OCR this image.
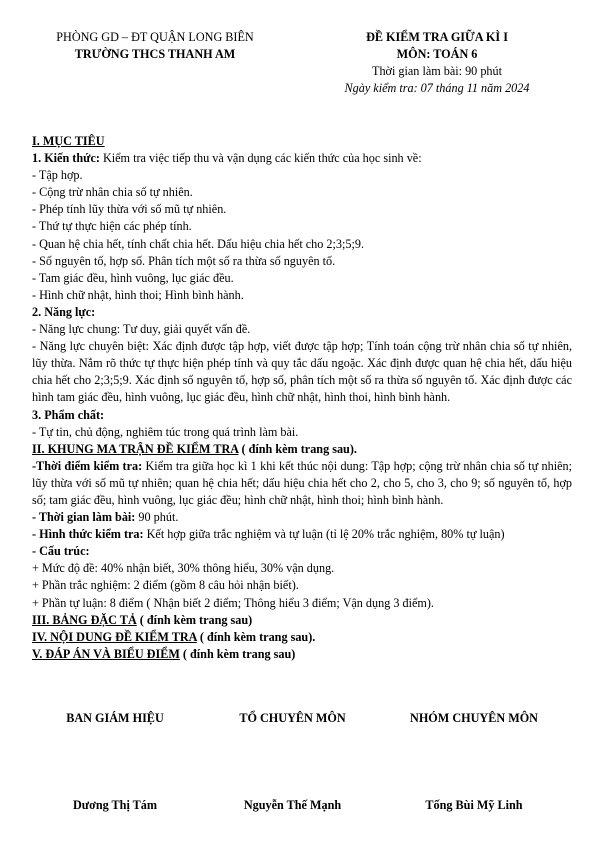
PHÒNG GD – ĐT QUẬN LONG BIÊN
TRƯỜNG THCS THANH AM
ĐỀ KIỂM TRA GIỮA KÌ I
MÔN: TOÁN 6
Thời gian làm bài: 90 phút
Ngày kiểm tra: 07 tháng 11 năm 2024

I. MỤC TIÊU

1. Kiến thức: Kiểm tra việc tiếp thu và vận dụng các kiến thức của học sinh về:

- Tập hợp.

- Cộng trừ nhân chia số tự nhiên.

- Phép tính lũy thừa với số mũ tự nhiên.

- Thứ tự thực hiện các phép tính.

- Quan hệ chia hết, tính chất chia hết. Dấu hiệu chia hết cho 2;3;5;9.

- Số nguyên tố, hợp số. Phân tích một số ra thừa số nguyên tố.

- Tam giác đều, hình vuông, lục giác đều.

- Hình chữ nhật, hình thoi; Hình bình hành.

2. Năng lực:

- Năng lực chung: Tư duy, giải quyết vấn đề.

- Năng lực chuyên biệt: Xác định được tập hợp, viết được tập hợp; Tính toán cộng trừ nhân chia số tự nhiên, lũy thừa. Nắm rõ thức tự thực hiện phép tính và quy tắc dấu ngoặc. Xác định được quan hệ chia hết, dấu hiệu chia hết cho 2;3;5;9. Xác định số nguyên tố, hợp số, phân tích một số ra thừa số nguyên tố. Xác định được các hình tam giác đều, hình vuông, lục giác đều, hình chữ nhật, hình thoi, hình bình hành.

3. Phẩm chất:

- Tự tin, chủ động, nghiêm túc trong quá trình làm bài.

II. KHUNG MA TRẬN ĐỀ KIỂM TRA ( đính kèm trang sau).

-Thời điểm kiểm tra: Kiểm tra giữa học kì 1 khi kết thúc nội dung: Tập hợp; cộng trừ nhân chia số tự nhiên; lũy thừa với số mũ tự nhiên; quan hệ chia hết; dấu hiệu chia hết cho 2, cho 5, cho 3, cho 9; số nguyên tố, hợp số; tam giác đều, hình vuông, lục giác đều; hình chữ nhật, hình thoi; hình bình hành.

- Thời gian làm bài: 90 phút.

- Hình thức kiểm tra: Kết hợp giữa trắc nghiệm và tự luận (tỉ lệ 20% trắc nghiệm, 80% tự luận)

- Cấu trúc:

+ Mức độ đề: 40% nhận biết, 30% thông hiểu, 30% vận dụng.

+ Phần trắc nghiệm: 2 điểm (gồm 8 câu hỏi nhận biết).

+ Phần tự luận: 8 điểm ( Nhận biết 2 điểm; Thông hiểu 3 điểm; Vận dụng 3 điểm).

III. BẢNG ĐẶC TẢ ( đính kèm trang sau)

IV. NỘI DUNG ĐỀ KIỂM TRA ( đính kèm trang sau).

V. ĐÁP ÁN VÀ BIỂU ĐIỂM ( đính kèm trang sau)

BAN GIÁM HIỆU	TỔ CHUYÊN MÔN	NHÓM CHUYÊN MÔN
Dương Thị Tám	Nguyễn Thế Mạnh	Tống Bùi Mỹ Linh
